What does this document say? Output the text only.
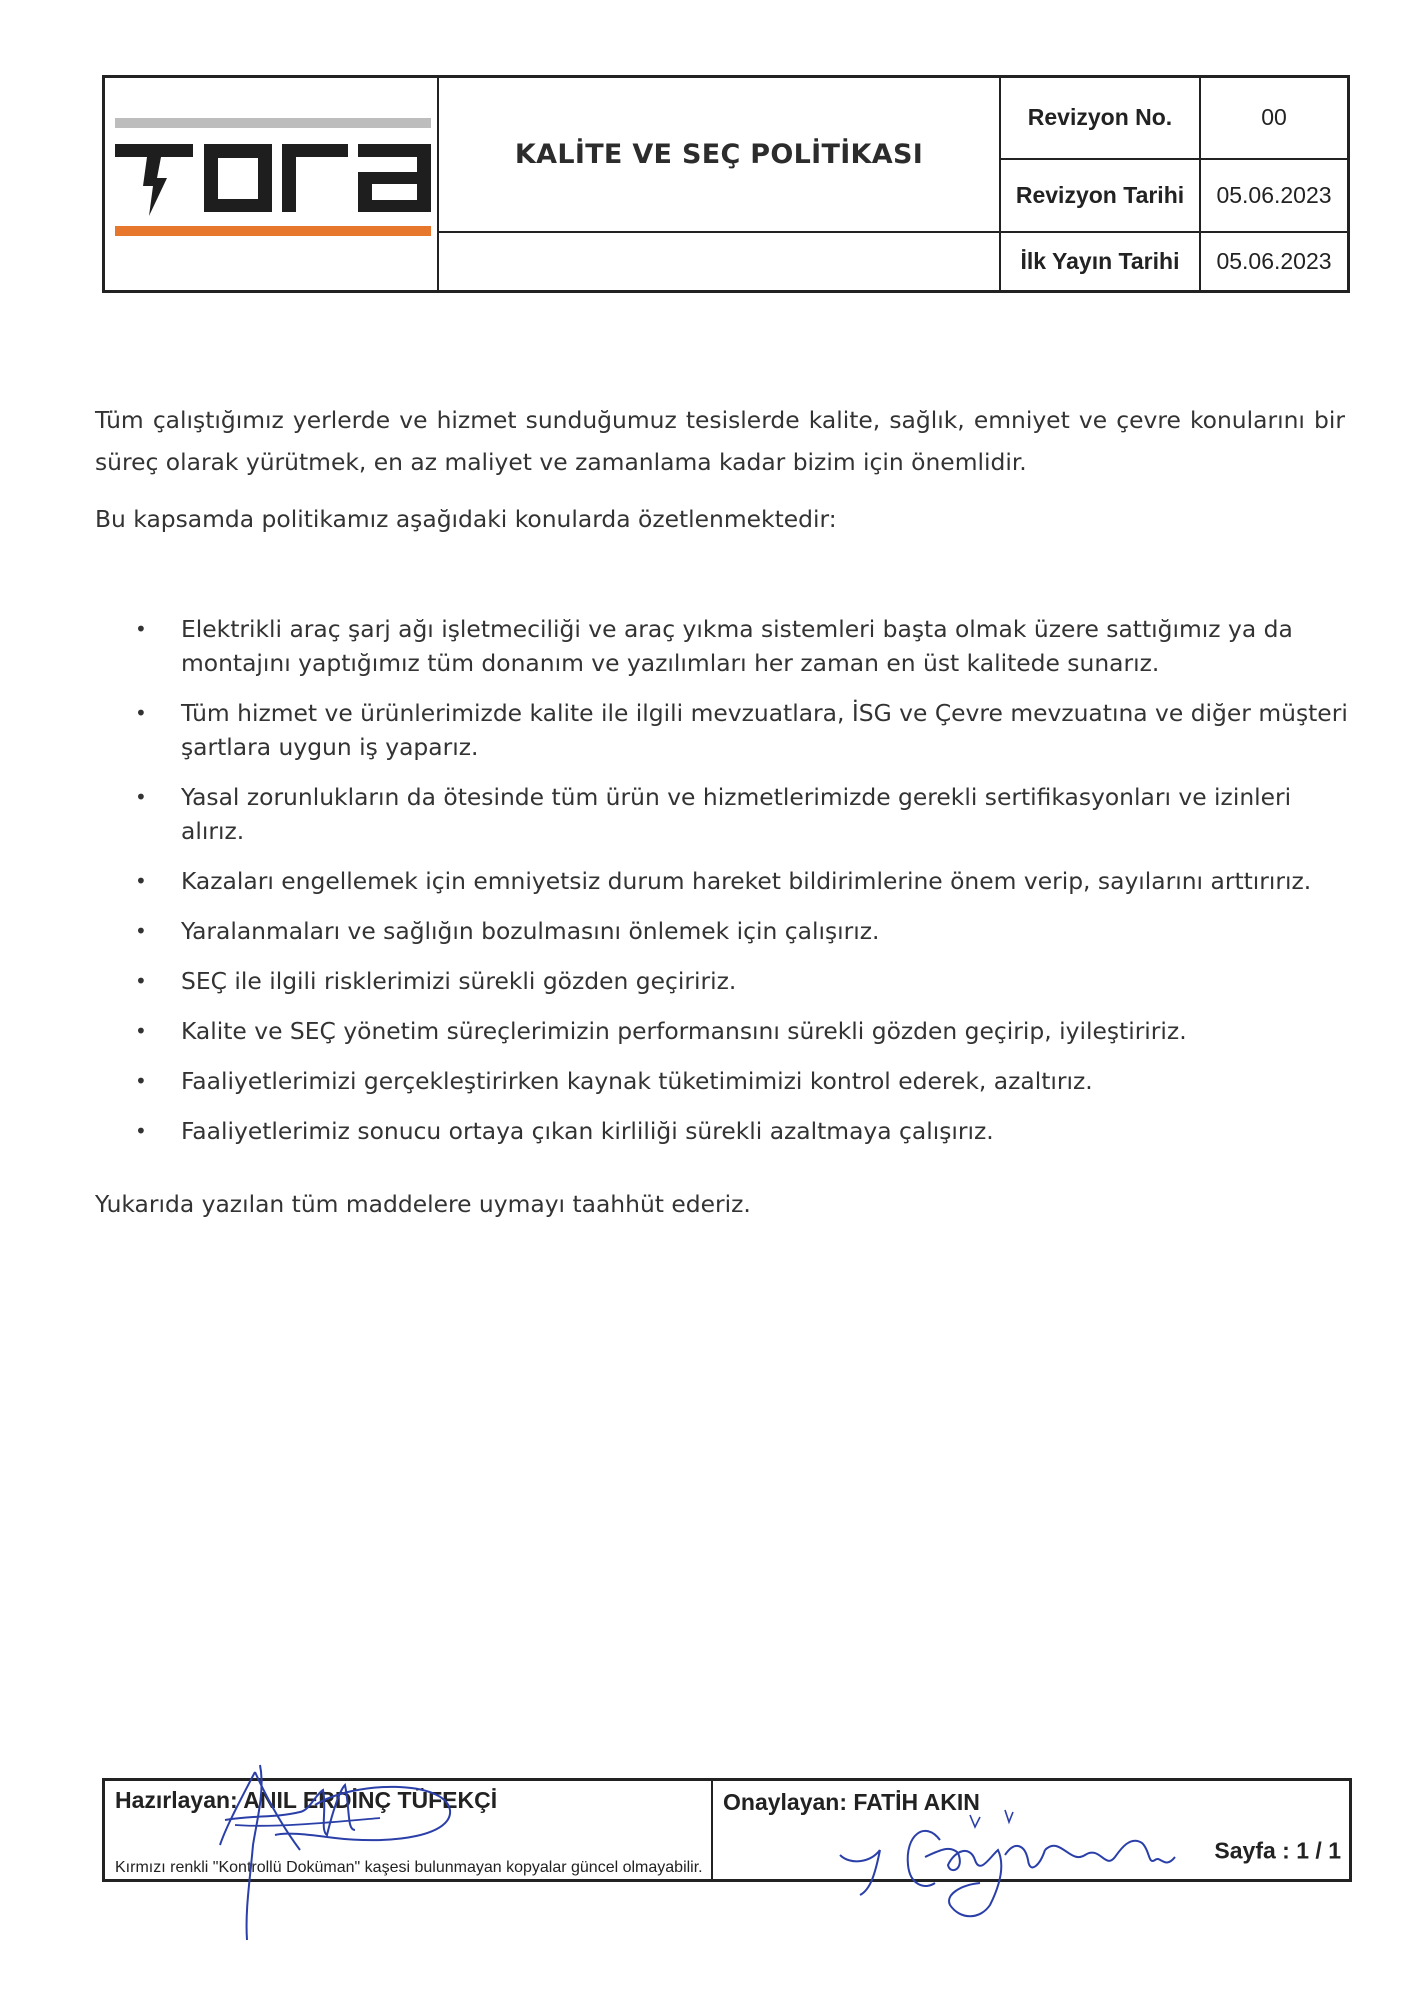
KALİTE VE SEÇ POLİTİKASI
Revizyon No.	00
Revizyon Tarihi	05.06.2023
İlk Yayın Tarihi	05.06.2023

Tüm çalıştığımız yerlerde ve hizmet sunduğumuz tesislerde kalite, sağlık, emniyet ve çevre konularını bir süreç olarak yürütmek, en az maliyet ve zamanlama kadar bizim için önemlidir.

Bu kapsamda politikamız aşağıdaki konularda özetlenmektedir:

• Elektrikli araç şarj ağı işletmeciliği ve araç yıkma sistemleri başta olmak üzere sattığımız ya da montajını yaptığımız tüm donanım ve yazılımları her zaman en üst kalitede sunarız.
• Tüm hizmet ve ürünlerimizde kalite ile ilgili mevzuatlara, İSG ve Çevre mevzuatına ve diğer müşteri şartlara uygun iş yaparız.
• Yasal zorunlukların da ötesinde tüm ürün ve hizmetlerimizde gerekli sertifikasyonları ve izinleri alırız.
• Kazaları engellemek için emniyetsiz durum hareket bildirimlerine önem verip, sayılarını arttırırız.
• Yaralanmaları ve sağlığın bozulmasını önlemek için çalışırız.
• SEÇ ile ilgili risklerimizi sürekli gözden geçiririz.
• Kalite ve SEÇ yönetim süreçlerimizin performansını sürekli gözden geçirip, iyileştiririz.
• Faaliyetlerimizi gerçekleştirirken kaynak tüketimimizi kontrol ederek, azaltırız.
• Faaliyetlerimiz sonucu ortaya çıkan kirliliği sürekli azaltmaya çalışırız.

Yukarıda yazılan tüm maddelere uymayı taahhüt ederiz.

Hazırlayan: ANIL ERDİNÇ TÜFEKÇİ	Onaylayan: FATİH AKIN
Sayfa : 1 / 1
Kırmızı renkli "Kontrollü Doküman" kaşesi bulunmayan kopyalar güncel olmayabilir.
